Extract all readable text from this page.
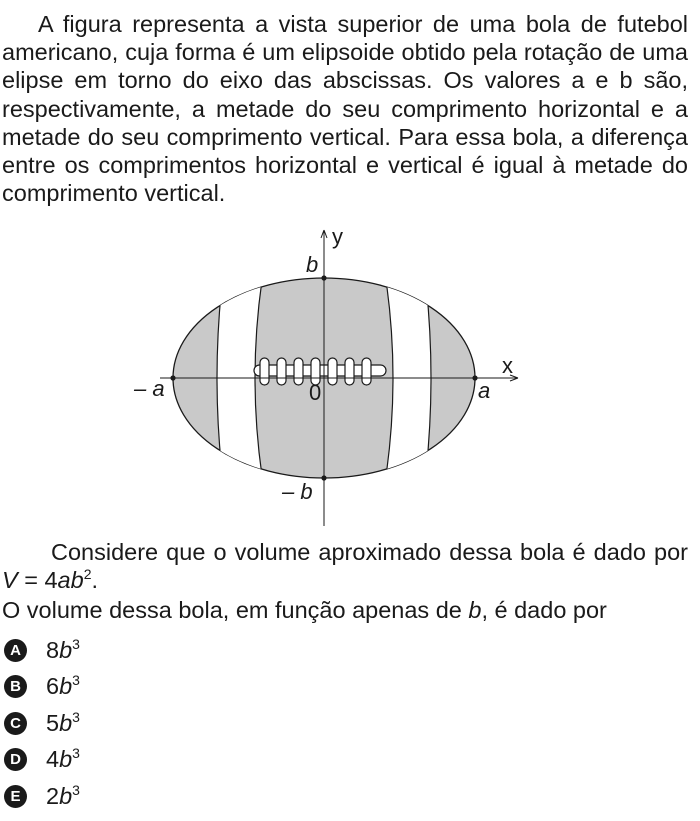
A figura representa a vista superior de uma bola de futebol americano, cuja forma é um elipsoide obtido pela rotação de uma elipse em torno do eixo das abscissas. Os valores a e b são, respectivamente, a metade do seu comprimento horizontal e a metade do seu comprimento vertical. Para essa bola, a diferença entre os comprimentos horizontal e vertical é igual à metade do comprimento vertical.
y
x
b
– b
– a	a
0
Considere que o volume aproximado dessa bola é dado por $V = 4ab^2$.
O volume dessa bola, em função apenas de b, é dado por
A $8b^3$
B $6b^3$
C $5b^3$
D $4b^3$
E $2b^3$
